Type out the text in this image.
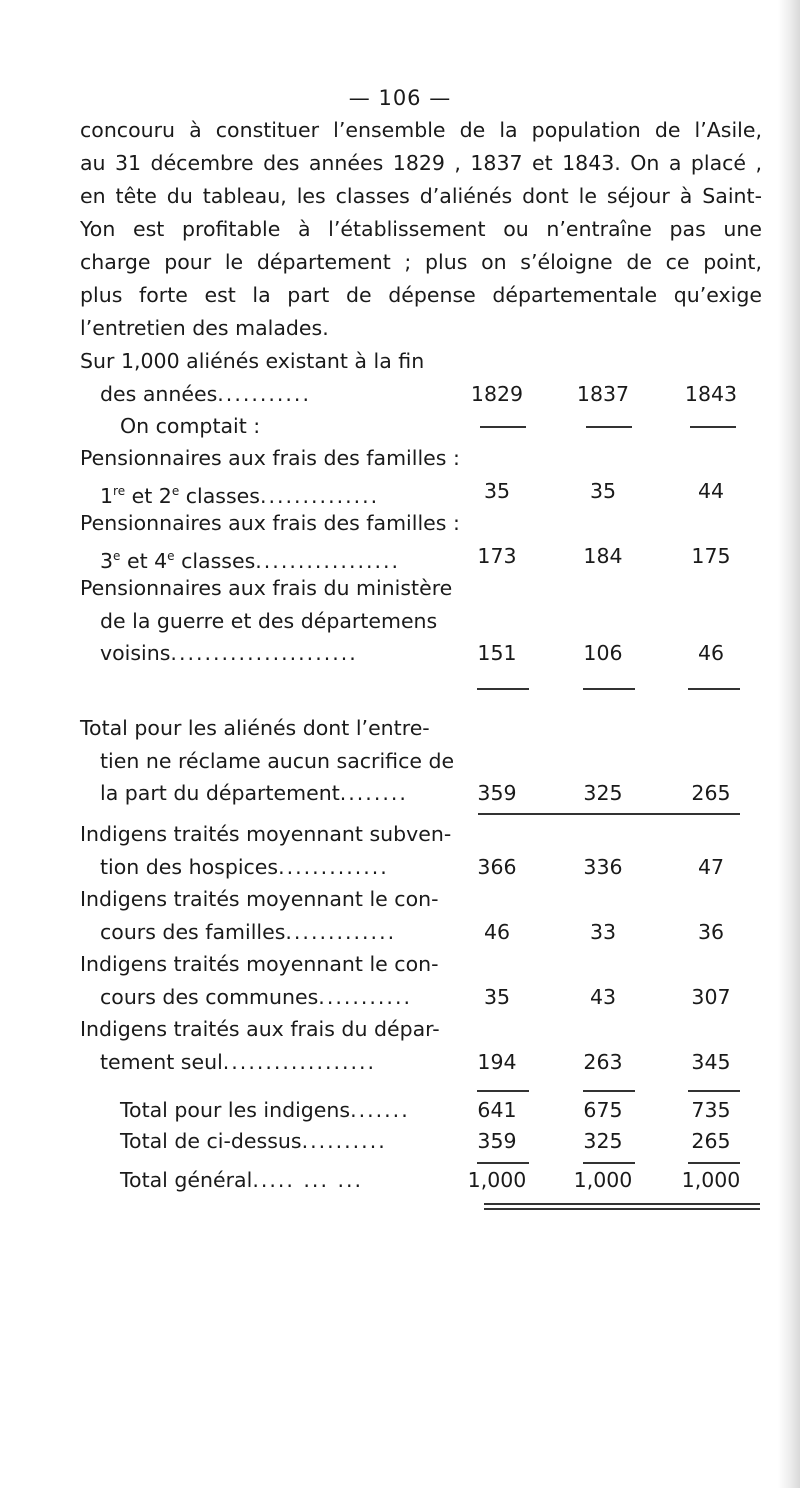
— 106 —
concouru à constituer l’ensemble de la population de l’Asile,
au 31 décembre des années 1829 , 1837 et 1843. On a placé ,
en tête du tableau, les classes d’aliénés dont le séjour à Saint-
Yon est profitable à l’établissement ou n’entraîne pas une
charge pour le département ; plus on s’éloigne de ce point,
plus forte est la part de dépense départementale qu’exige
l’entretien des malades.
Sur 1,000 aliénés existant à la fin
des années...........	1829	1837	1843
On comptait :
Pensionnaires aux frais des familles :
1re et 2e classes..............	35	35	44
Pensionnaires aux frais des familles :
3e et 4e classes.................	173	184	175
Pensionnaires aux frais du ministère
de la guerre et des départemens
voisins......................	151	106	46
Total pour les aliénés dont l’entre-
tien ne réclame aucun sacrifice de
la part du département........	359	325	265
Indigens traités moyennant subven-
tion des hospices.............	366	336	47
Indigens traités moyennant le con-
cours des familles.............	46	33	36
Indigens traités moyennant le con-
cours des communes...........	35	43	307
Indigens traités aux frais du dépar-
tement seul..................	194	263	345
Total pour les indigens.......	641	675	735
Total de ci-dessus..........	359	325	265
Total général..... ... ...	1,000	1,000	1,000
